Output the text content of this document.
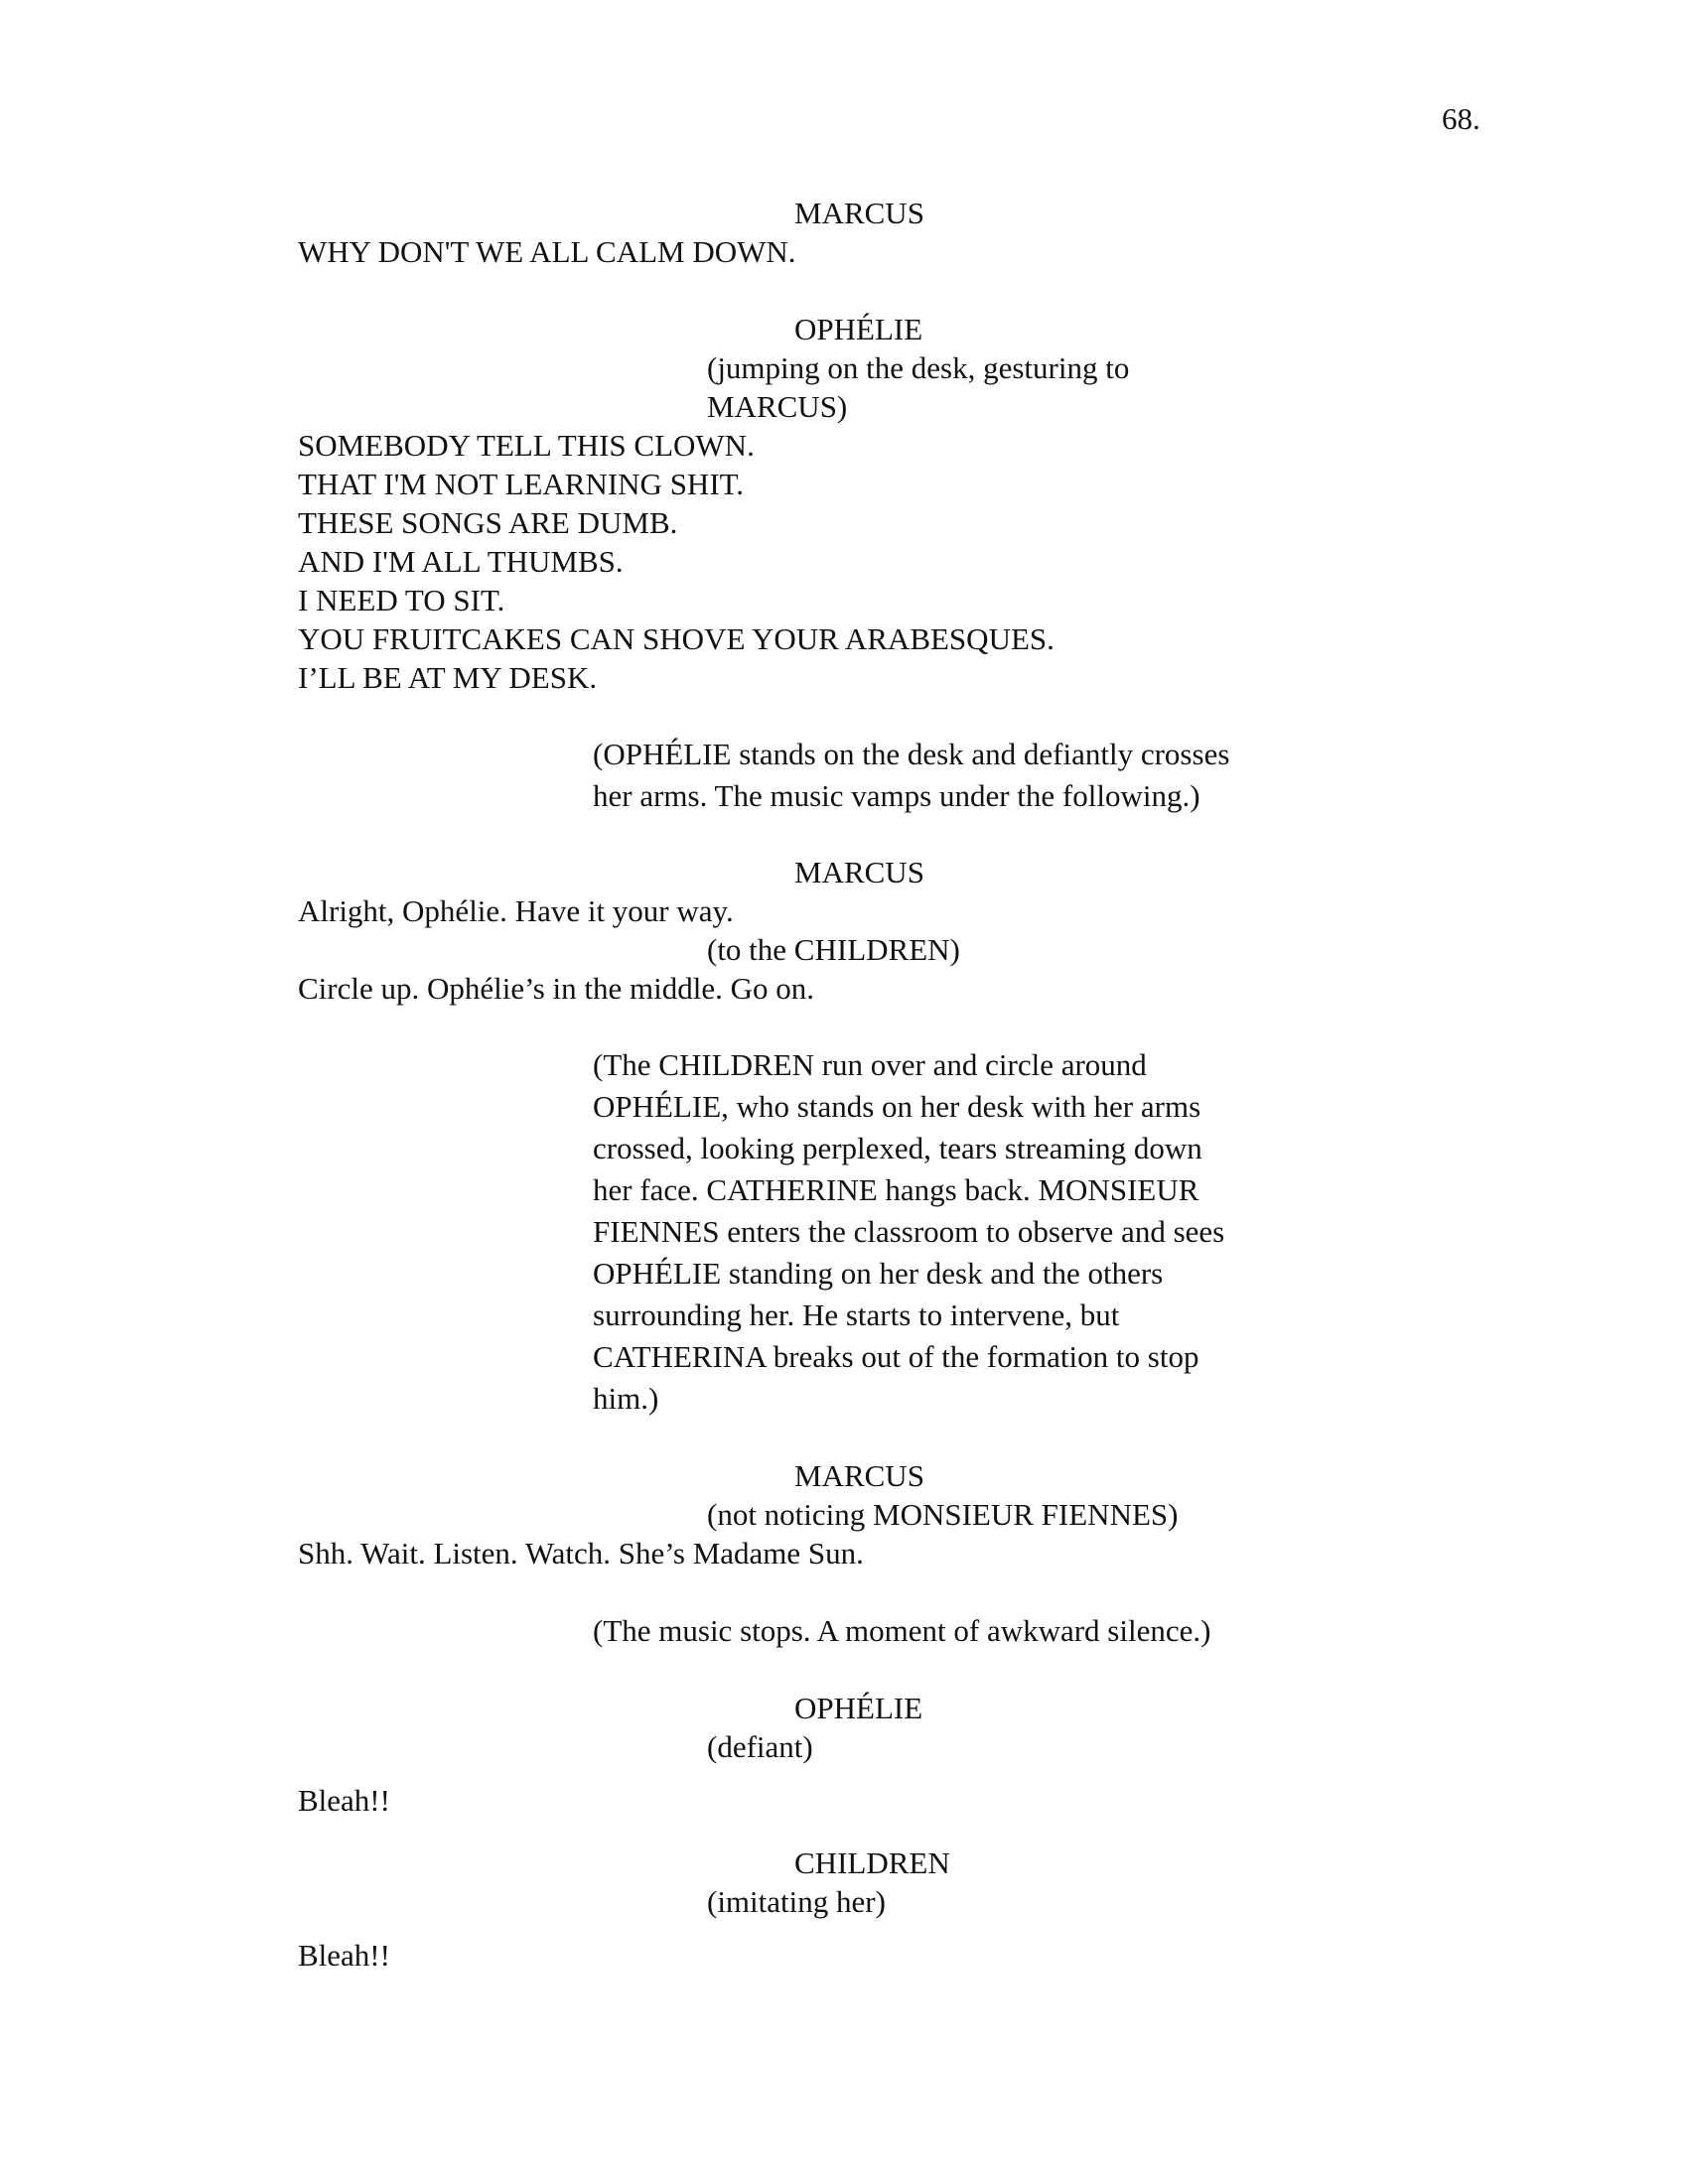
68.
MARCUS
WHY DON'T WE ALL CALM DOWN.
OPHÉLIE
(jumping on the desk, gesturing to
MARCUS)
SOMEBODY TELL THIS CLOWN.
THAT I'M NOT LEARNING SHIT.
THESE SONGS ARE DUMB.
AND I'M ALL THUMBS.
I NEED TO SIT.
YOU FRUITCAKES CAN SHOVE YOUR ARABESQUES.
I’LL BE AT MY DESK.
(OPHÉLIE stands on the desk and defiantly crosses
her arms. The music vamps under the following.)
MARCUS
Alright, Ophélie. Have it your way.
(to the CHILDREN)
Circle up. Ophélie’s in the middle. Go on.
(The CHILDREN run over and circle around
OPHÉLIE, who stands on her desk with her arms
crossed, looking perplexed, tears streaming down
her face. CATHERINE hangs back. MONSIEUR
FIENNES enters the classroom to observe and sees
OPHÉLIE standing on her desk and the others
surrounding her. He starts to intervene, but
CATHERINA breaks out of the formation to stop
him.)
MARCUS
(not noticing MONSIEUR FIENNES)
Shh. Wait. Listen. Watch. She’s Madame Sun.
(The music stops. A moment of awkward silence.)
OPHÉLIE
(defiant)
Bleah!!
CHILDREN
(imitating her)
Bleah!!
